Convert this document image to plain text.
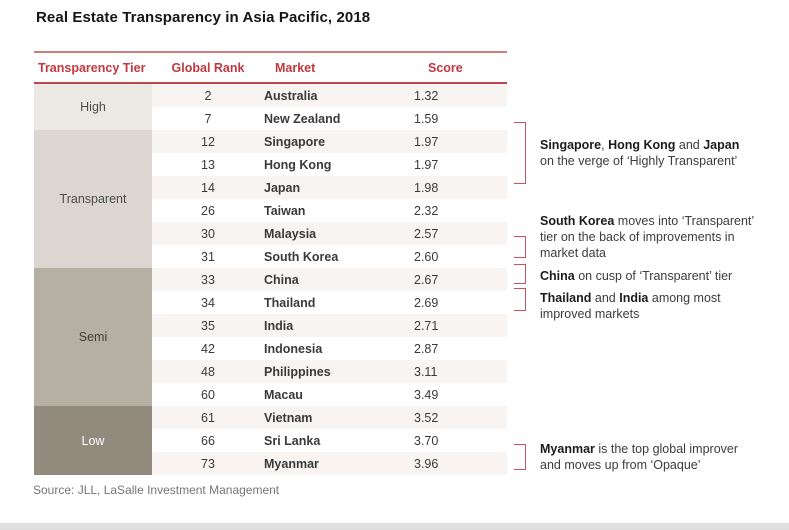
Real Estate Transparency in Asia Pacific, 2018
Transparency Tier	Global Rank	Market	Score
High	2	Australia	1.32
	7	New Zealand	1.59
Transparent	12	Singapore	1.97
	13	Hong Kong	1.97
	14	Japan	1.98
	26	Taiwan	2.32
	30	Malaysia	2.57
	31	South Korea	2.60
Semi	33	China	2.67
	34	Thailand	2.69
	35	India	2.71
	42	Indonesia	2.87
	48	Philippines	3.11
	60	Macau	3.49
Low	61	Vietnam	3.52
	66	Sri Lanka	3.70
	73	Myanmar	3.96
Singapore, Hong Kong and Japan
on the verge of ‘Highly Transparent’
South Korea moves into ‘Transparent’
tier on the back of improvements in
market data
China on cusp of ‘Transparent’ tier
Thailand and India among most
improved markets
Myanmar is the top global improver
and moves up from ‘Opaque’
Source: JLL, LaSalle Investment Management
